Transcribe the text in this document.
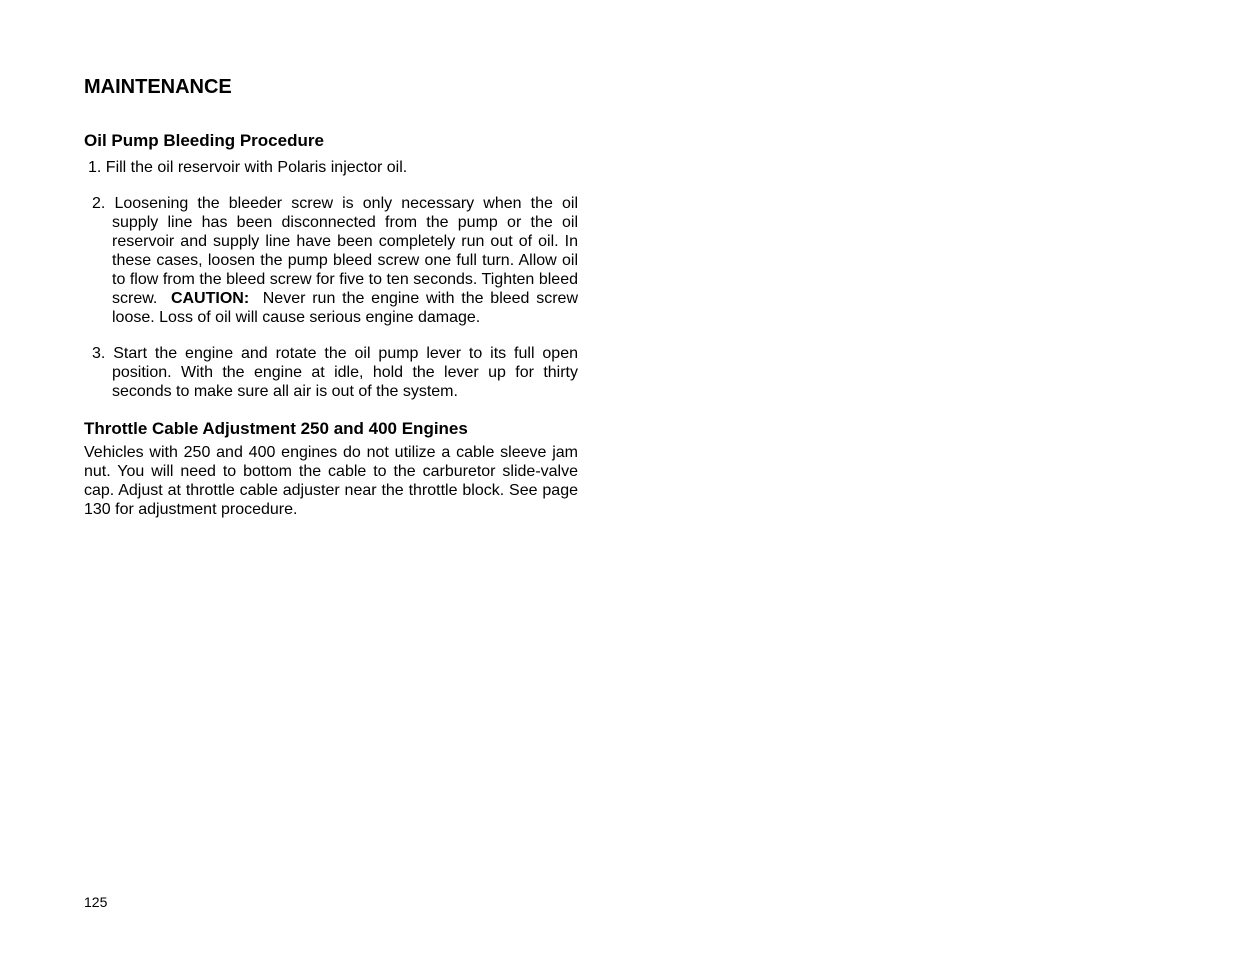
MAINTENANCE
Oil Pump Bleeding Procedure

1. Fill the oil reservoir with Polaris injector oil.

2. Loosening the bleeder screw is only necessary when the oil supply line has been disconnected from the pump or the oil reservoir and supply line have been completely run out of oil. In these cases, loosen the pump bleed screw one full turn. Allow oil to flow from the bleed screw for five to ten seconds. Tighten bleed screw. CAUTION: Never run the engine with the bleed screw loose. Loss of oil will cause serious engine damage.

3. Start the engine and rotate the oil pump lever to its full open position. With the engine at idle, hold the lever up for thirty seconds to make sure all air is out of the system.

Throttle Cable Adjustment 250 and 400 Engines

Vehicles with 250 and 400 engines do not utilize a cable sleeve jam nut. You will need to bottom the cable to the carburetor slide-valve cap. Adjust at throttle cable adjuster near the throttle block. See page 130 for adjustment procedure.

125
